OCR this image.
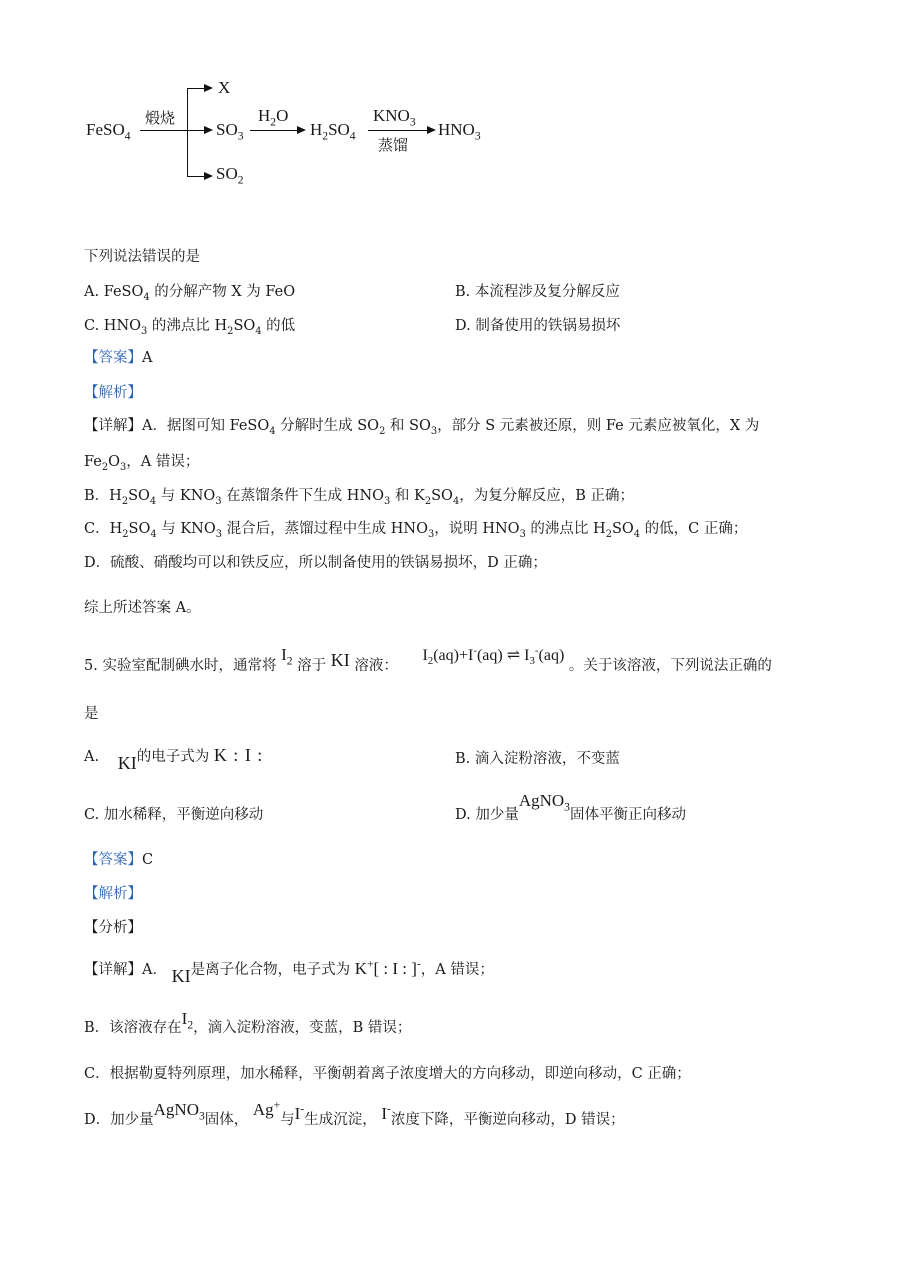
FeSO$_4$
煅烧
X
$SO_3$
$SO_2$
$H_2O$
$H_2SO_4$
$KNO_3$
蒸馏
$HNO_3$
下列说法错误的是
A. FeSO$_4$ 的分解产物 X 为 FeO	B. 本流程涉及复分解反应
C. $HNO_3$ 的沸点比 $H_2SO_4$ 的低	D. 制备使用的铁锅易损坏
【答案】A
【解析】
【详解】A．据图可知 FeSO$_4$ 分解时生成 $SO_2$ 和 $SO_3$，部分 S 元素被还原，则 Fe 元素应被氧化，X 为
$Fe_2O_3$，A 错误；
B．$H_2SO_4$ 与 $KNO_3$ 在蒸馏条件下生成 $HNO_3$ 和 $K_2SO_4$，为复分解反应，B 正确；
C．$H_2SO_4$ 与 $KNO_3$ 混合后，蒸馏过程中生成 $HNO_3$，说明 $HNO_3$ 的沸点比 $H_2SO_4$ 的低，C 正确；
D．硫酸、硝酸均可以和铁反应，所以制备使用的铁锅易损坏，D 正确；
综上所述答案 A。
5. 实验室配制碘水时，通常将 $I_2$ 溶于 KI 溶液： $I_2(aq)+I^-(aq)$ ⇌ $I_3^-(aq)$ 。关于该溶液，下列说法正确的
是
A. KI的电子式为 K : I :	B. 滴入淀粉溶液，不变蓝
C. 加水稀释，平衡逆向移动	D. 加少量AgNO$_3$固体平衡正向移动
【答案】C
【解析】
【分析】
【详解】A． KI是离子化合物，电子式为 K+[ : I : ]-，A 错误；
B．该溶液存在$I_2$，滴入淀粉溶液，变蓝，B 错误；
C．根据勒夏特列原理，加水稀释，平衡朝着离子浓度增大的方向移动，即逆向移动，C 正确；
D．加少量AgNO$_3$固体， Ag+与I-生成沉淀， I-浓度下降，平衡逆向移动，D 错误；
